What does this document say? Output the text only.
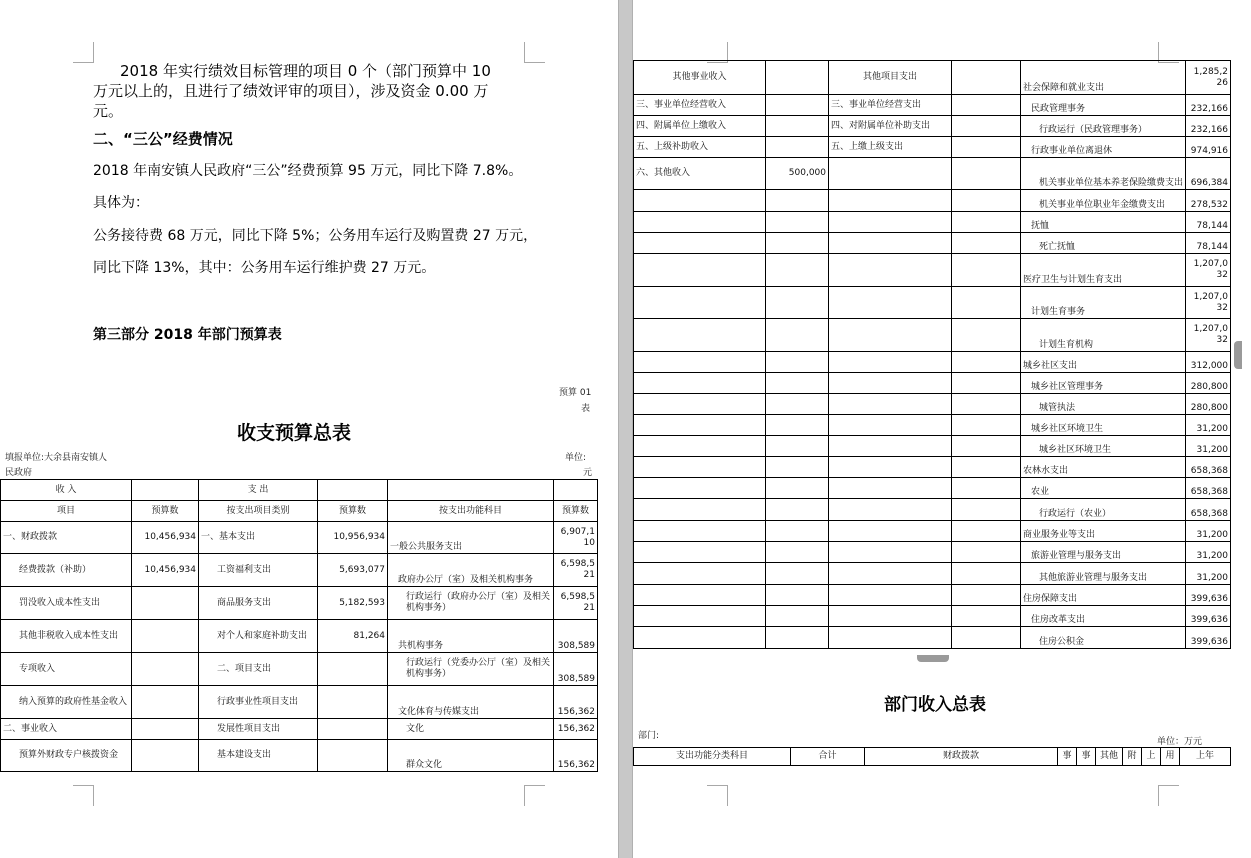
2018 年实行绩效目标管理的项目 0 个（部门预算中 10
万元以上的，且进行了绩效评审的项目），涉及资金 0.00 万
元。
二、“三公”经费情况
2018 年南安镇人民政府“三公”经费预算 95 万元，同比下降 7.8%。
具体为：
公务接待费 68 万元，同比下降 5%；公务用车运行及购置费 27 万元，
同比下降 13%，其中：公务用车运行维护费 27 万元。
第三部分 2018 年部门预算表
预算 01
表
收支预算总表
填报单位:大余县南安镇人
民政府
单位:
元
收 入		支 出			
项目	预算数	按支出项目类别	预算数	按支出功能科目	预算数
一、财政拨款	10,456,934	一、基本支出	10,956,934	一般公共服务支出	6,907,1
10
经费拨款（补助）	10,456,934	工资福利支出	5,693,077	政府办公厅（室）及相关机构事务	6,598,5
21
罚没收入成本性支出		商品服务支出	5,182,593	行政运行（政府办公厅（室）及相关机构事务）	6,598,5
21
其他非税收入成本性支出		对个人和家庭补助支出	81,264	共机构事务	308,589
专项收入		二、项目支出		行政运行（党委办公厅（室）及相关机构事务）	308,589
纳入预算的政府性基金收入		行政事业性项目支出		文化体育与传媒支出	156,362
二、事业收入		发展性项目支出		文化	156,362
预算外财政专户核拨资金		基本建设支出		群众文化	156,362
其他事业收入		其他项目支出		社会保障和就业支出	1,285,2
26
三、事业单位经营收入		三、事业单位经营支出		民政管理事务	232,166
四、附属单位上缴收入		四、对附属单位补助支出		行政运行（民政管理事务）	232,166
五、上级补助收入		五、上缴上级支出		行政事业单位离退休	974,916
六、其他收入	500,000			机关事业单位基本养老保险缴费支出	696,384
				机关事业单位职业年金缴费支出	278,532
				抚恤	78,144
				死亡抚恤	78,144
				医疗卫生与计划生育支出	1,207,0
32
				计划生育事务	1,207,0
32
				计划生育机构	1,207,0
32
				城乡社区支出	312,000
				城乡社区管理事务	280,800
				城管执法	280,800
				城乡社区环境卫生	31,200
				城乡社区环境卫生	31,200
				农林水支出	658,368
				农业	658,368
				行政运行（农业）	658,368
				商业服务业等支出	31,200
				旅游业管理与服务支出	31,200
				其他旅游业管理与服务支出	31,200
				住房保障支出	399,636
				住房改革支出	399,636
				住房公积金	399,636
部门收入总表
部门:
单位：万元
支出功能分类科目	合计	财政拨款	事	事	其他	附	上	用	上年
